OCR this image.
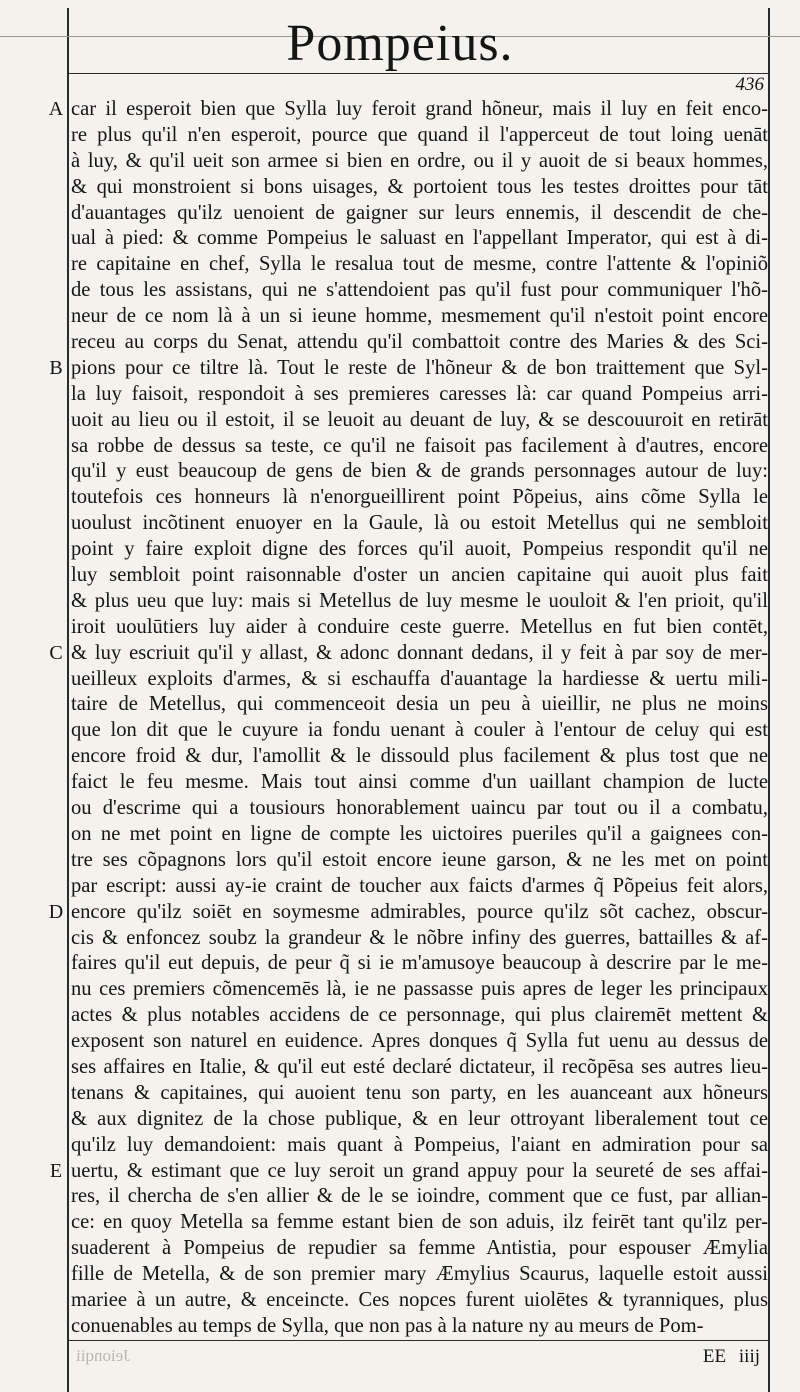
Pompeius.
436
A
B
C
D
E
car il esperoit bien que Sylla luy feroit grand hõneur, mais il luy en feit enco-
re plus qu'il n'en esperoit, pource que quand il l'apperceut de tout loing uenāt
à luy, & qu'il ueit son armee si bien en ordre, ou il y auoit de si beaux hommes,
& qui monstroient si bons uisages, & portoient tous les testes droittes pour tāt
d'auantages qu'ilz uenoient de gaigner sur leurs ennemis, il descendit de che-
ual à pied: & comme Pompeius le saluast en l'appellant Imperator, qui est à di-
re capitaine en chef, Sylla le resalua tout de mesme, contre l'attente & l'opiniõ
de tous les assistans, qui ne s'attendoient pas qu'il fust pour communiquer l'hõ-
neur de ce nom là à un si ieune homme, mesmement qu'il n'estoit point encore
receu au corps du Senat, attendu qu'il combattoit contre des Maries & des Sci-
pions pour ce tiltre là. Tout le reste de l'hõneur & de bon traittement que Syl-
la luy faisoit, respondoit à ses premieres caresses là: car quand Pompeius arri-
uoit au lieu ou il estoit, il se leuoit au deuant de luy, & se descouuroit en retirāt
sa robbe de dessus sa teste, ce qu'il ne faisoit pas facilement à d'autres, encore
qu'il y eust beaucoup de gens de bien & de grands personnages autour de luy:
toutefois ces honneurs là n'enorgueillirent point Põpeius, ains cõme Sylla le
uoulust incõtinent enuoyer en la Gaule, là ou estoit Metellus qui ne sembloit
point y faire exploit digne des forces qu'il auoit, Pompeius respondit qu'il ne
luy sembloit point raisonnable d'oster un ancien capitaine qui auoit plus fait
& plus ueu que luy: mais si Metellus de luy mesme le uouloit & l'en prioit, qu'il
iroit uoulūtiers luy aider à conduire ceste guerre. Metellus en fut bien contēt,
& luy escriuit qu'il y allast, & adonc donnant dedans, il y feit à par soy de mer-
ueilleux exploits d'armes, & si eschauffa d'auantage la hardiesse & uertu mili-
taire de Metellus, qui commenceoit desia un peu à uieillir, ne plus ne moins
que lon dit que le cuyure ia fondu uenant à couler à l'entour de celuy qui est
encore froid & dur, l'amollit & le dissould plus facilement & plus tost que ne
faict le feu mesme. Mais tout ainsi comme d'un uaillant champion de lucte
ou d'escrime qui a tousiours honorablement uaincu par tout ou il a combatu,
on ne met point en ligne de compte les uictoires pueriles qu'il a gaignees con-
tre ses cõpagnons lors qu'il estoit encore ieune garson, & ne les met on point
par escript: aussi ay-ie craint de toucher aux faicts d'armes q̃ Põpeius feit alors,
encore qu'ilz soiēt en soymesme admirables, pource qu'ilz sõt cachez, obscur-
cis & enfoncez soubz la grandeur & le nõbre infiny des guerres, battailles & af-
faires qu'il eut depuis, de peur q̃ si ie m'amusoye beaucoup à descrire par le me-
nu ces premiers cõmencemēs là, ie ne passasse puis apres de leger les principaux
actes & plus notables accidens de ce personnage, qui plus clairemēt mettent &
exposent son naturel en euidence. Apres donques q̃ Sylla fut uenu au dessus de
ses affaires en Italie, & qu'il eut esté declaré dictateur, il recõpēsa ses autres lieu-
tenans & capitaines, qui auoient tenu son party, en les auanceant aux hõneurs
& aux dignitez de la chose publique, & en leur ottroyant liberalement tout ce
qu'ilz luy demandoient: mais quant à Pompeius, l'aiant en admiration pour sa
uertu, & estimant que ce luy seroit un grand appuy pour la seureté de ses affai-
res, il chercha de s'en allier & de le se ioindre, comment que ce fust, par allian-
ce: en quoy Metella sa femme estant bien de son aduis, ilz feirēt tant qu'ilz per-
suaderent à Pompeius de repudier sa femme Antistia, pour espouser Æmylia
fille de Metella, & de son premier mary Æmylius Scaurus, laquelle estoit aussi
mariee à un autre, & enceincte. Ces nopces furent uiolētes & tyranniques, plus
conuenables au temps de Sylla, que non pas à la nature ny au meurs de Pom-
Jeionqii	EE iiij
